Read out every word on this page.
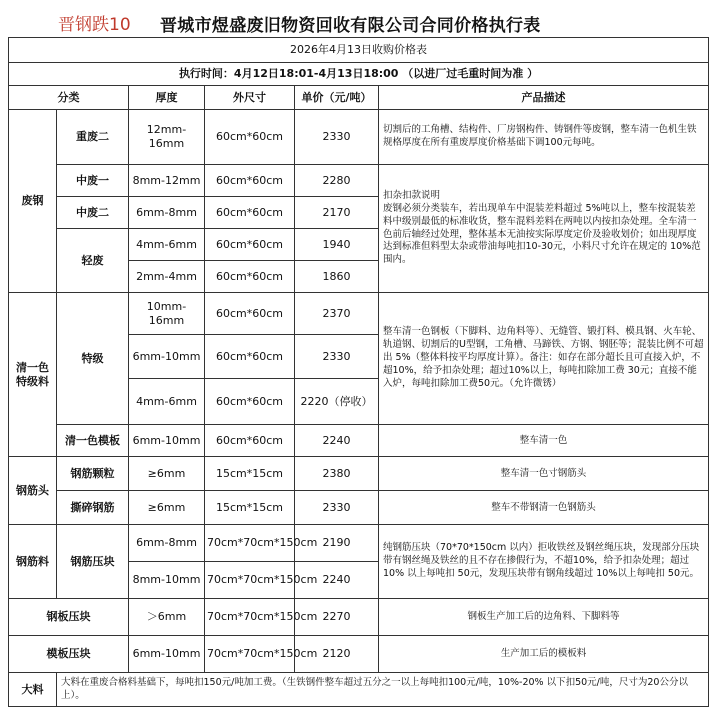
晋钢跌10 晋城市煜盛废旧物资回收有限公司合同价格执行表
2026年4月13日收购价格表					
执行时间：4月12日18:01-4月13日18:00 （以进厂过毛重时间为准 ）					
分类		厚度	外尺寸	单价（元/吨）	产品描述
废钢	重废二	12mm-16mm	60cm*60cm	2330	切割后的工角槽、结构件、厂房钢构件、铸钢件等废钢，整车清一色机生铁规格厚度在所有重废厚度价格基础下调100元每吨。
	中废一	8mm-12mm	60cm*60cm	2280	扣杂扣款说明
废钢必须分类装车，若出现单车中混装差料超过 5%吨以上，整车按混装差料中级别最低的标准收货，整车混料差料在两吨以内按扣杂处理。全车清一色前后轴经过处理，整体基本无油按实际厚度定价及验收划价；如出现厚度达到标准但料型太杂或带油每吨扣10-30元，小料尺寸允许在规定的 10%范围内。
	中废二	6mm-8mm	60cm*60cm	2170	
	轻废	4mm-6mm	60cm*60cm	1940	
		2mm-4mm	60cm*60cm	1860	
清一色特级料	特级	10mm-16mm	60cm*60cm	2370	整车清一色钢板（下脚料、边角料等）、无缝管、锻打料、模具钢、火车轮、轨道钢、切割后的U型钢，工角槽、马蹄铁、方钢、钢胚等；混装比例不可超出 5%（整体料按平均厚度计算）。备注：如存在部分超长且可直接入炉，不超10%，给予扣杂处理；超过10%以上，每吨扣除加工费 30元；直接不能入炉，每吨扣除加工费50元。（允许微锈）
		6mm-10mm	60cm*60cm	2330	
		4mm-6mm	60cm*60cm	2220（停收）	
	清一色模板	6mm-10mm	60cm*60cm	2240	整车清一色
钢筋头	钢筋颗粒	≥6mm	15cm*15cm	2380	整车清一色寸钢筋头
	撕碎钢筋	≥6mm	15cm*15cm	2330	整车不带钢清一色钢筋头
钢筋料	钢筋压块	6mm-8mm	70cm*70cm*150cm	2190	纯钢筋压块（70*70*150cm 以内）拒收铁丝及钢丝绳压块，发现部分压块带有钢丝绳及铁丝的且不存在掺假行为，不超10%，给予扣杂处理；超过10% 以上每吨扣 50元，发现压块带有钢角线超过 10%以上每吨扣 50元。
		8mm-10mm	70cm*70cm*150cm	2240	
钢板压块		＞6mm	70cm*70cm*150cm	2270	钢板生产加工后的边角料、下脚料等
模板压块		6mm-10mm	70cm*70cm*150cm	2120	生产加工后的模板料
大料	大料在重废合格料基础下，每吨扣150元/吨加工费。（生铁钢件整车超过五分之一以上每吨扣100元/吨，10%-20% 以下扣50元/吨，尺寸为20公分以上）。				
